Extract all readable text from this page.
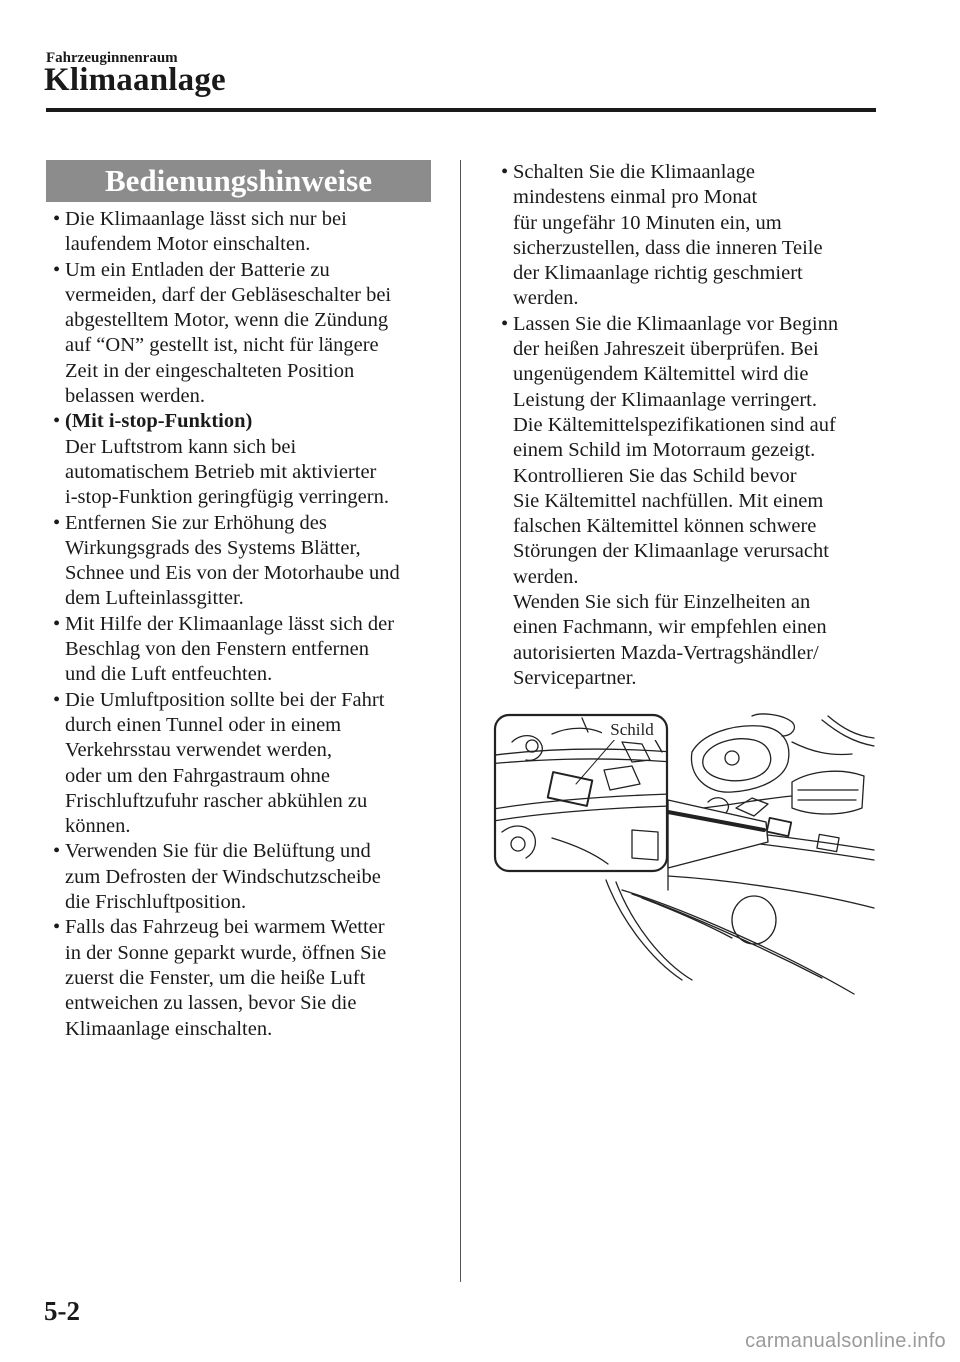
Fahrzeuginnenraum
Klimaanlage
Bedienungshinweise
• Die Klimaanlage lässt sich nur bei
laufendem Motor einschalten.
• Um ein Entladen der Batterie zu
vermeiden, darf der Gebläseschalter bei
abgestelltem Motor, wenn die Zündung
auf “ON” gestellt ist, nicht für längere
Zeit in der eingeschalteten Position
belassen werden.
• (Mit i-stop-Funktion)
Der Luftstrom kann sich bei
automatischem Betrieb mit aktivierter
i-stop-Funktion geringfügig verringern.
• Entfernen Sie zur Erhöhung des
Wirkungsgrads des Systems Blätter,
Schnee und Eis von der Motorhaube und
dem Lufteinlassgitter.
• Mit Hilfe der Klimaanlage lässt sich der
Beschlag von den Fenstern entfernen
und die Luft entfeuchten.
• Die Umluftposition sollte bei der Fahrt
durch einen Tunnel oder in einem
Verkehrsstau verwendet werden,
oder um den Fahrgastraum ohne
Frischluftzufuhr rascher abkühlen zu
können.
• Verwenden Sie für die Belüftung und
zum Defrosten der Windschutzscheibe
die Frischluftposition.
• Falls das Fahrzeug bei warmem Wetter
in der Sonne geparkt wurde, öffnen Sie
zuerst die Fenster, um die heiße Luft
entweichen zu lassen, bevor Sie die
Klimaanlage einschalten.
• Schalten Sie die Klimaanlage
mindestens einmal pro Monat
für ungefähr 10 Minuten ein, um
sicherzustellen, dass die inneren Teile
der Klimaanlage richtig geschmiert
werden.
• Lassen Sie die Klimaanlage vor Beginn
der heißen Jahreszeit überprüfen. Bei
ungenügendem Kältemittel wird die
Leistung der Klimaanlage verringert.
Die Kältemittelspezifikationen sind auf
einem Schild im Motorraum gezeigt.
Kontrollieren Sie das Schild bevor
Sie Kältemittel nachfüllen. Mit einem
falschen Kältemittel können schwere
Störungen der Klimaanlage verursacht
werden.
Wenden Sie sich für Einzelheiten an
einen Fachmann, wir empfehlen einen
autorisierten Mazda-Vertragshändler/
Servicepartner.
Schild
5-2
carmanualsonline.info
